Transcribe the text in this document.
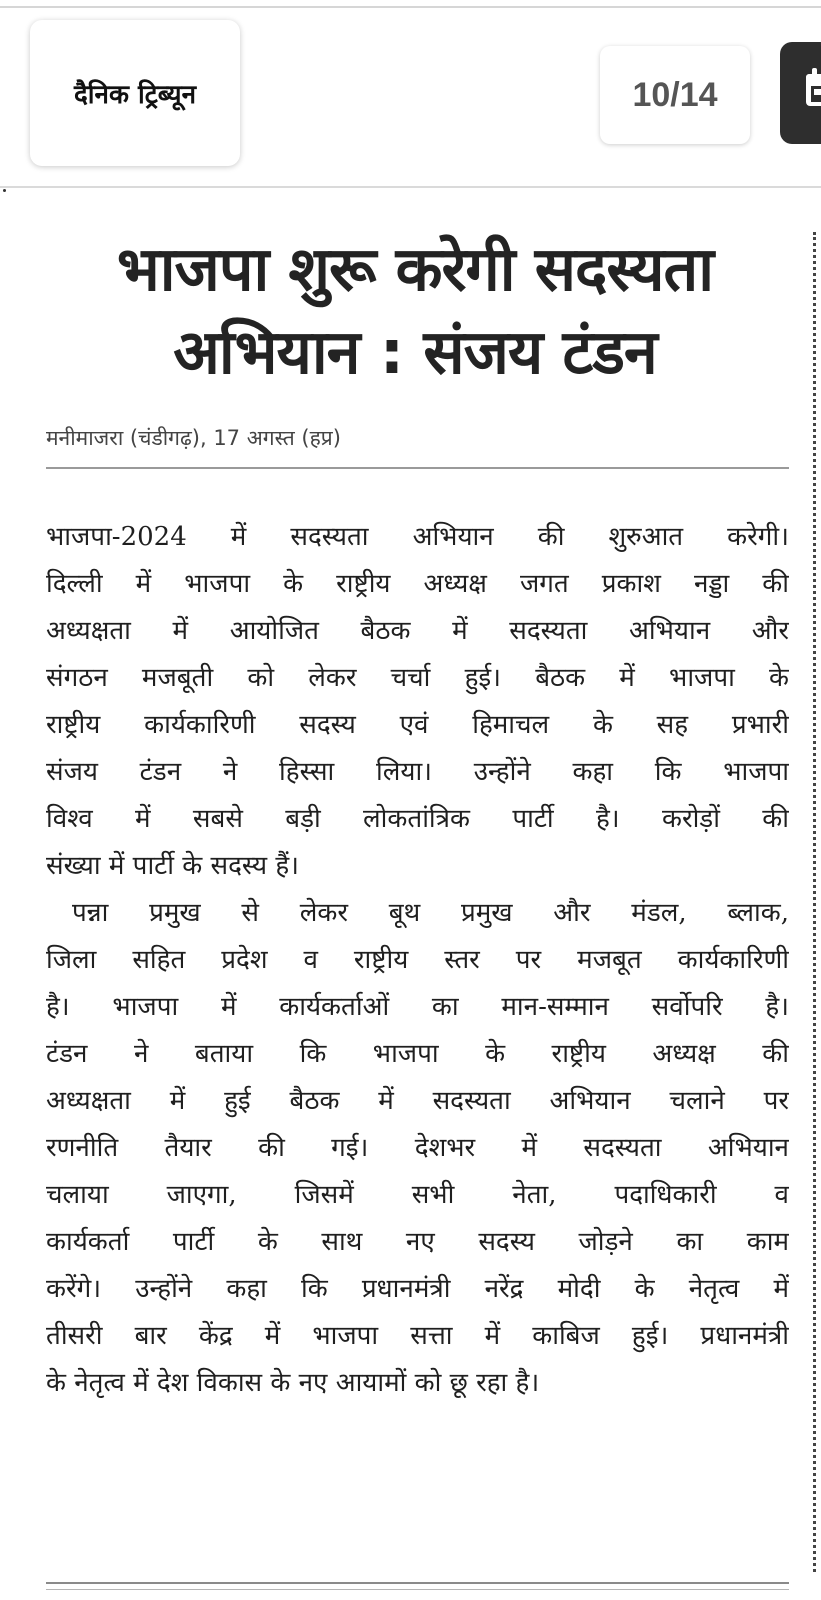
दैनिक ट्रिब्यून	10/14
भाजपा शुरू करेगी सदस्यता
अभियान : संजय टंडन
मनीमाजरा (चंडीगढ़), 17 अगस्त (हप्र)
भाजपा-2024 में सदस्यता अभियान की शुरुआत करेगी।
दिल्ली में भाजपा के राष्ट्रीय अध्यक्ष जगत प्रकाश नड्डा की
अध्यक्षता में आयोजित बैठक में सदस्यता अभियान और
संगठन मजबूती को लेकर चर्चा हुई। बैठक में भाजपा के
राष्ट्रीय कार्यकारिणी सदस्य एवं हिमाचल के सह प्रभारी
संजय टंडन ने हिस्सा लिया। उन्होंने कहा कि भाजपा
विश्व में सबसे बड़ी लोकतांत्रिक पार्टी है। करोड़ों की
संख्या में पार्टी के सदस्य हैं।
पन्ना प्रमुख से लेकर बूथ प्रमुख और मंडल, ब्लाक,
जिला सहित प्रदेश व राष्ट्रीय स्तर पर मजबूत कार्यकारिणी
है। भाजपा में कार्यकर्ताओं का मान-सम्मान सर्वोपरि है।
टंडन ने बताया कि भाजपा के राष्ट्रीय अध्यक्ष की
अध्यक्षता में हुई बैठक में सदस्यता अभियान चलाने पर
रणनीति तैयार की गई। देशभर में सदस्यता अभियान
चलाया जाएगा, जिसमें सभी नेता, पदाधिकारी व
कार्यकर्ता पार्टी के साथ नए सदस्य जोड़ने का काम
करेंगे। उन्होंने कहा कि प्रधानमंत्री नरेंद्र मोदी के नेतृत्व में
तीसरी बार केंद्र में भाजपा सत्ता में काबिज हुई। प्रधानमंत्री
के नेतृत्व में देश विकास के नए आयामों को छू रहा है।
